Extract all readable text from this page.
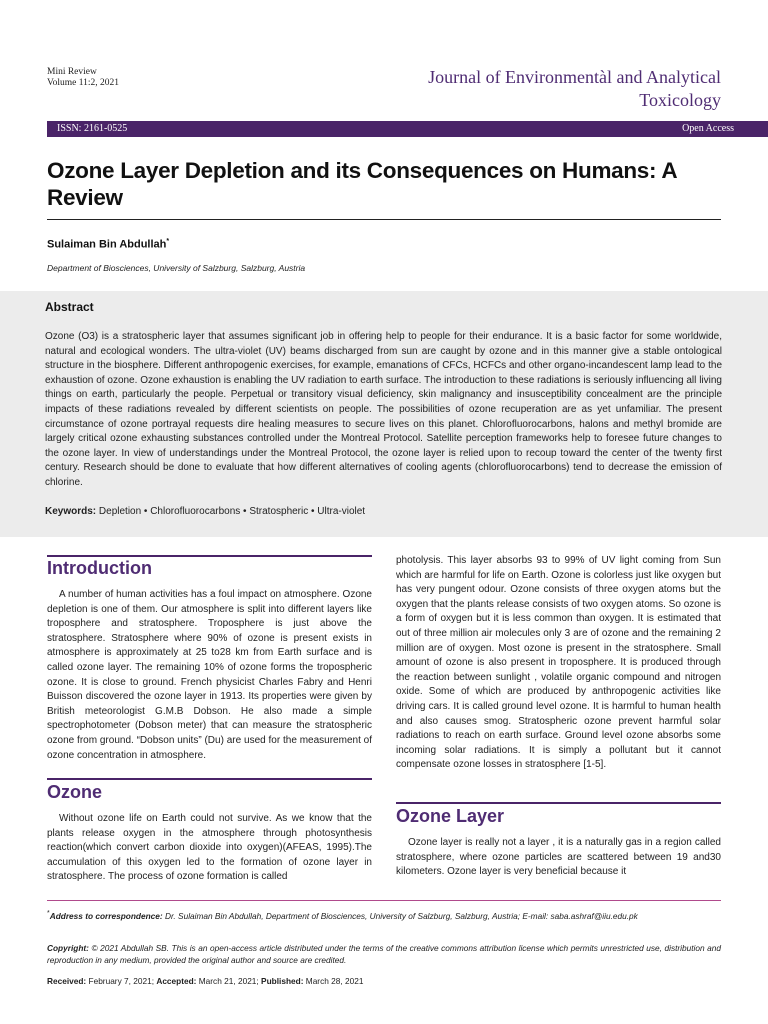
Mini Review
Volume 11:2, 2021	Journal of Environmentàl and Analytical
Toxicology
ISSN: 2161-0525	Open Access
Ozone Layer Depletion and its Consequences on Humans: A Review
Sulaiman Bin Abdullah*
Department of Biosciences, University of Salzburg, Salzburg, Austria
Abstract

Ozone (O3) is a stratospheric layer that assumes significant job in offering help to people for their endurance. It is a basic factor for some worldwide, natural and ecological wonders. The ultra-violet (UV) beams discharged from sun are caught by ozone and in this manner give a stable ontological structure in the biosphere. Different anthropogenic exercises, for example, emanations of CFCs, HCFCs and other organo-incandescent lamp lead to the exhaustion of ozone. Ozone exhaustion is enabling the UV radiation to earth surface. The introduction to these radiations is seriously influencing all living things on earth, particularly the people. Perpetual or transitory visual deficiency, skin malignancy and insusceptibility concealment are the principle impacts of these radiations revealed by different scientists on people. The possibilities of ozone recuperation are as yet unfamiliar. The present circumstance of ozone portrayal requests dire healing measures to secure lives on this planet. Chlorofluorocarbons, halons and methyl bromide are largely critical ozone exhausting substances controlled under the Montreal Protocol. Satellite perception frameworks help to foresee future changes to the ozone layer. In view of understandings under the Montreal Protocol, the ozone layer is relied upon to recoup toward the center of the twenty first century. Research should be done to evaluate that how different alternatives of cooling agents (chlorofluorocarbons) tend to decrease the emission of chlorine.

Keywords: Depletion • Chlorofluorocarbons • Stratospheric • Ultra-violet
Introduction

A number of human activities has a foul impact on atmosphere. Ozone depletion is one of them. Our atmosphere is split into different layers like troposphere and stratosphere. Troposphere is just above the stratosphere. Stratosphere where 90% of ozone is present exists in atmosphere is approximately at 25 to28 km from Earth surface and is called ozone layer. The remaining 10% of ozone forms the tropospheric ozone. It is close to ground. French physicist Charles Fabry and Henri Buisson discovered the ozone layer in 1913. Its properties were given by British meteorologist G.M.B Dobson. He also made a simple spectrophotometer (Dobson meter) that can measure the stratospheric ozone from ground. “Dobson units” (Du) are used for the measurement of ozone concentration in atmosphere.

Ozone

Without ozone life on Earth could not survive. As we know that the plants release oxygen in the atmosphere through photosynthesis reaction(which convert carbon dioxide into oxygen)(AFEAS, 1995).The accumulation of this oxygen led to the formation of ozone layer in stratosphere. The process of ozone formation is called

photolysis. This layer absorbs 93 to 99% of UV light coming from Sun which are harmful for life on Earth. Ozone is colorless just like oxygen but has very pungent odour. Ozone consists of three oxygen atoms but the oxygen that the plants release consists of two oxygen atoms. So ozone is a form of oxygen but it is less common than oxygen. It is estimated that out of three million air molecules only 3 are of ozone and the remaining 2 million are of oxygen. Most ozone is present in the stratosphere. Small amount of ozone is also present in troposphere. It is produced through the reaction between sunlight , volatile organic compound and nitrogen oxide. Some of which are produced by anthropogenic activities like driving cars. It is called ground level ozone. It is harmful to human health and also causes smog. Stratospheric ozone prevent harmful solar radiations to reach on earth surface. Ground level ozone absorbs some incoming solar radiations. It is simply a pollutant but it cannot compensate ozone losses in stratosphere [1-5].

Ozone Layer

Ozone layer is really not a layer , it is a naturally gas in a region called stratosphere, where ozone particles are scattered between 19 and30 kilometers. Ozone layer is very beneficial because it

*Address to correspondence: Dr. Sulaiman Bin Abdullah, Department of Biosciences, University of Salzburg, Salzburg, Austria; E-mail: saba.ashraf@iiu.edu.pk
Copyright: © 2021 Abdullah SB. This is an open-access article distributed under the terms of the creative commons attribution license which permits unrestricted use, distribution and reproduction in any medium, provided the original author and source are credited.
Received: February 7, 2021; Accepted: March 21, 2021; Published: March 28, 2021
